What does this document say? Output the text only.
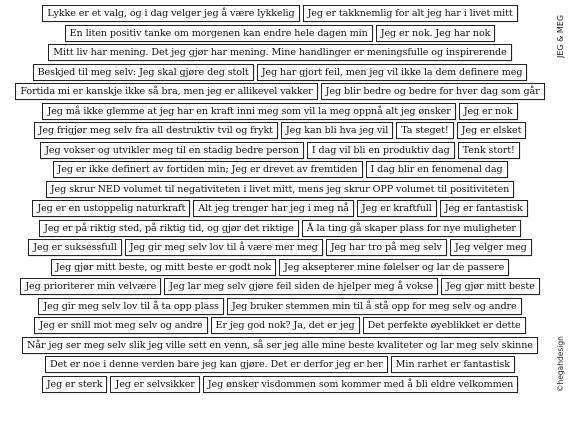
Lykke er et valg, og i dag velger jeg å være lykkelig	Jeg er takknemlig for alt jeg har i livet mitt
En liten positiv tanke om morgenen kan endre hele dagen min	Jeg er nok. Jeg har nok
Mitt liv har mening. Det jeg gjør har mening. Mine handlinger er meningsfulle og inspirerende
Beskjed til meg selv: Jeg skal gjøre deg stolt	Jeg har gjort feil, men jeg vil ikke la dem definere meg
Fortida mi er kanskje ikke så bra, men jeg er allikevel vakker	Jeg blir bedre og bedre for hver dag som går
Jeg må ikke glemme at jeg har en kraft inni meg som vil la meg oppnå alt jeg ønsker	Jeg er nok
Jeg frigjør meg selv fra all destruktiv tvil og frykt	Jeg kan bli hva jeg vil	Ta steget!	Jeg er elsket
Jeg vokser og utvikler meg til en stadig bedre person	I dag vil bli en produktiv dag	Tenk stort!
Jeg er ikke definert av fortiden min; Jeg er drevet av fremtiden	I dag blir en fenomenal dag
Jeg skrur NED volumet til negativiteten i livet mitt, mens jeg skrur OPP volumet til positiviteten
Jeg er en ustoppelig naturkraft	Alt jeg trenger har jeg i meg nå	Jeg er kraftfull	Jeg er fantastisk
Jeg er på riktig sted, på riktig tid, og gjør det riktige	Å la ting gå skaper plass for nye muligheter
Jeg er suksessfull	Jeg gir meg selv lov til å være mer meg	Jeg har tro på meg selv	Jeg velger meg
Jeg gjør mitt beste, og mitt beste er godt nok	Jeg aksepterer mine følelser og lar de passere
Jeg prioriterer min velvære	Jeg lar meg selv gjøre feil siden de hjelper meg å vokse	Jeg gjør mitt beste
Jeg gir meg selv lov til å ta opp plass	Jeg bruker stemmen min til å stå opp for meg selv og andre
Jeg er snill mot meg selv og andre	Er jeg god nok? Ja, det er jeg	Det perfekte øyeblikket er dette
Når jeg ser meg selv slik jeg ville sett en venn, så ser jeg alle mine beste kvaliteter og lar meg selv skinne
Det er noe i denne verden bare jeg kan gjøre. Det er derfor jeg er her	Min rarhet er fantastisk
Jeg er sterk	Jeg er selvsikker	Jeg ønsker visdommen som kommer med å bli eldre velkommen
JEG & MEG
©hegahdesign
